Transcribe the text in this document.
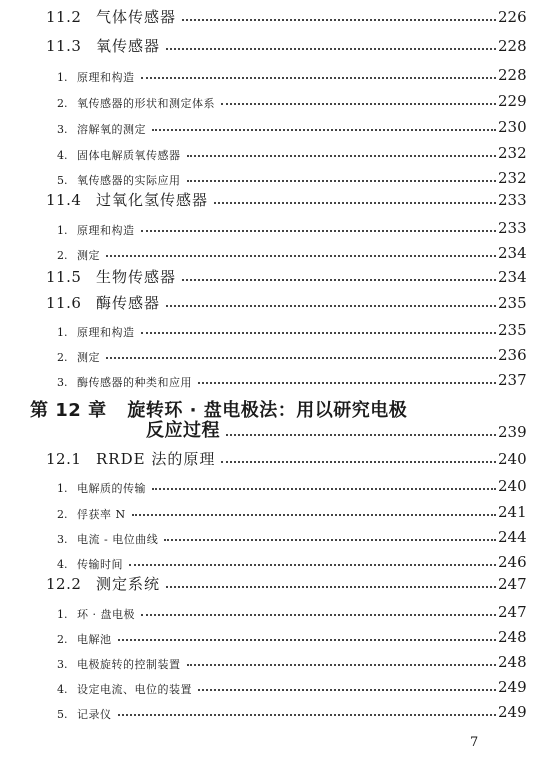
11.2 气体传感器	226
11.3 氧传感器	228
1. 原理和构造	228
2. 氧传感器的形状和测定体系	229
3. 溶解氧的测定	230
4. 固体电解质氧传感器	232
5. 氧传感器的实际应用	232
11.4 过氧化氢传感器	233
1. 原理和构造	233
2. 测定	234
11.5 生物传感器	234
11.6 酶传感器	235
1. 原理和构造	235
2. 测定	236
3. 酶传感器的种类和应用	237
第 12 章 旋转环 · 盘电极法：用以研究电极
反应过程	239
12.1 RRDE 法的原理	240
1. 电解质的传输	240
2. 俘获率 N	241
3. 电流 - 电位曲线	244
4. 传输时间	246
12.2 测定系统	247
1. 环 · 盘电极	247
2. 电解池	248
3. 电极旋转的控制装置	248
4. 设定电流、电位的装置	249
5. 记录仪	249
7
